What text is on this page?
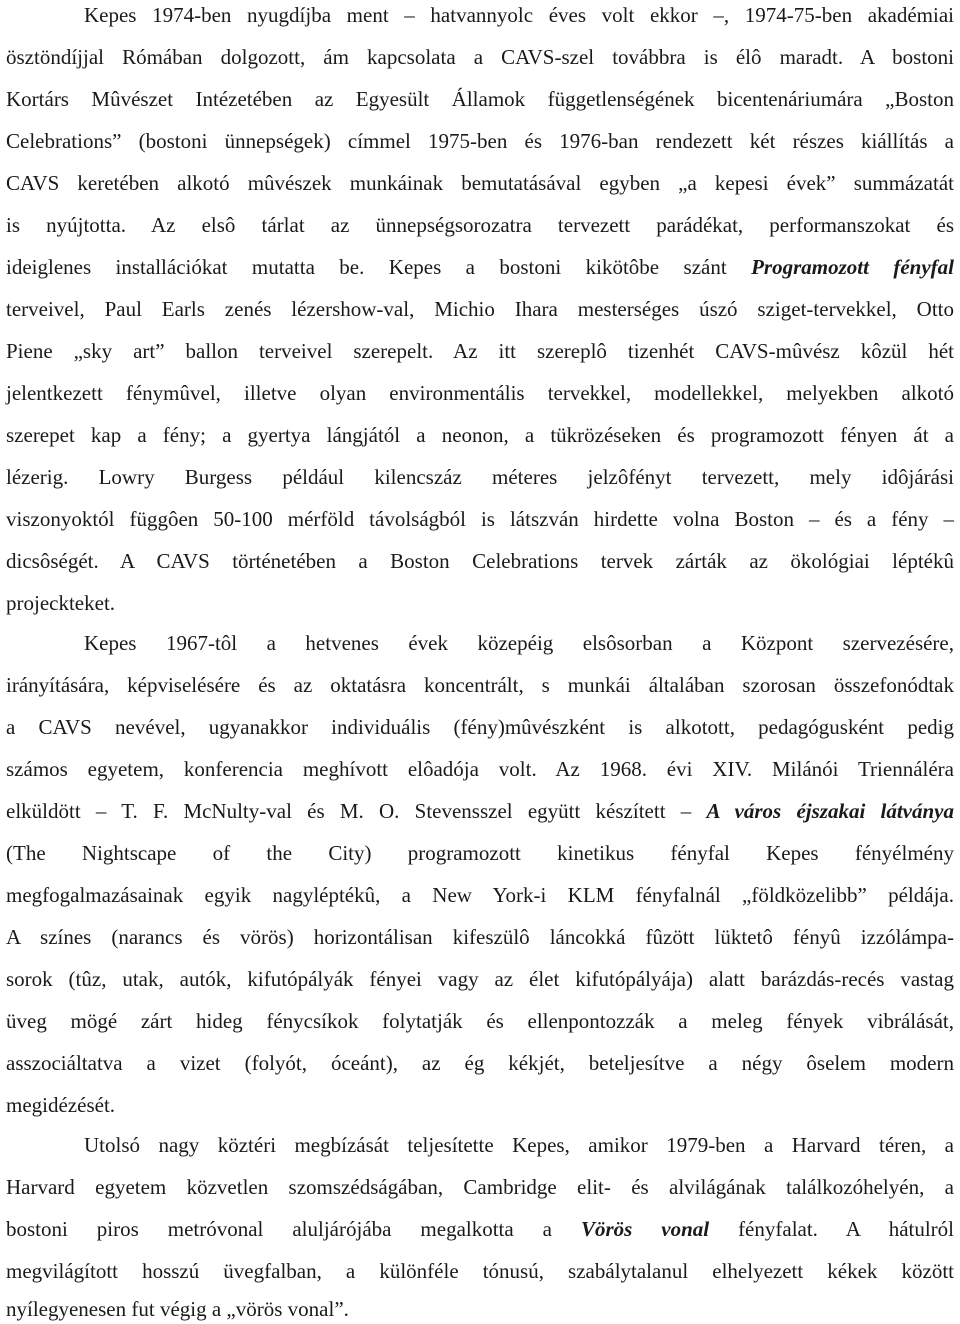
Kepes 1974-ben nyugdíjba ment – hatvannyolc éves volt ekkor –, 1974-75-ben akadémiai
ösztöndíjjal Rómában dolgozott, ám kapcsolata a CAVS-szel továbbra is élô maradt. A bostoni
Kortárs Mûvészet Intézetében az Egyesült Államok függetlenségének bicentenáriumára „Boston
Celebrations” (bostoni ünnepségek) címmel 1975-ben és 1976-ban rendezett két részes kiállítás a
CAVS keretében alkotó mûvészek munkáinak bemutatásával egyben „a kepesi évek” summázatát
is nyújtotta. Az elsô tárlat az ünnepségsorozatra tervezett parádékat, performanszokat és
ideiglenes installációkat mutatta be. Kepes a bostoni kikötôbe szánt Programozott fényfal
terveivel, Paul Earls zenés lézershow-val, Michio Ihara mesterséges úszó sziget-tervekkel, Otto
Piene „sky art” ballon terveivel szerepelt. Az itt szereplô tizenhét CAVS-mûvész kôzül hét
jelentkezett fénymûvel, illetve olyan environmentális tervekkel, modellekkel, melyekben alkotó
szerepet kap a fény; a gyertya lángjától a neonon, a tükrözéseken és programozott fényen át a
lézerig. Lowry Burgess például kilencszáz méteres jelzôfényt tervezett, mely idôjárási
viszonyoktól függôen 50-100 mérföld távolságból is látszván hirdette volna Boston – és a fény –
dicsôségét. A CAVS történetében a Boston Celebrations tervek zárták az ökológiai léptékû
projeckteket.
Kepes 1967-tôl a hetvenes évek közepéig elsôsorban a Központ szervezésére,
irányítására, képviselésére és az oktatásra koncentrált, s munkái általában szorosan összefonódtak
a CAVS nevével, ugyanakkor individuális (fény)mûvészként is alkotott, pedagógusként pedig
számos egyetem, konferencia meghívott elôadója volt. Az 1968. évi XIV. Milánói Triennáléra
elküldött – T. F. McNulty-val és M. O. Stevensszel együtt készített – A város éjszakai látványa
(The Nightscape of the City) programozott kinetikus fényfal Kepes fényélmény
megfogalmazásainak egyik nagyléptékû, a New York-i KLM fényfalnál „földközelibb” példája.
A színes (narancs és vörös) horizontálisan kifeszülô láncokká fûzött lüktetô fényû izzólámpa-
sorok (tûz, utak, autók, kifutópályák fényei vagy az élet kifutópályája) alatt barázdás-recés vastag
üveg mögé zárt hideg fénycsíkok folytatják és ellenpontozzák a meleg fények vibrálását,
asszociáltatva a vizet (folyót, óceánt), az ég kékjét, beteljesítve a négy ôselem modern
megidézését.
Utolsó nagy köztéri megbízását teljesítette Kepes, amikor 1979-ben a Harvard téren, a
Harvard egyetem közvetlen szomszédságában, Cambridge elit- és alvilágának találkozóhelyén, a
bostoni piros metróvonal aluljárójába megalkotta a Vörös vonal fényfalat. A hátulról
megvilágított hosszú üvegfalban, a különféle tónusú, szabálytalanul elhelyezett kékek között
nyílegyenesen fut végig a „vörös vonal”.
